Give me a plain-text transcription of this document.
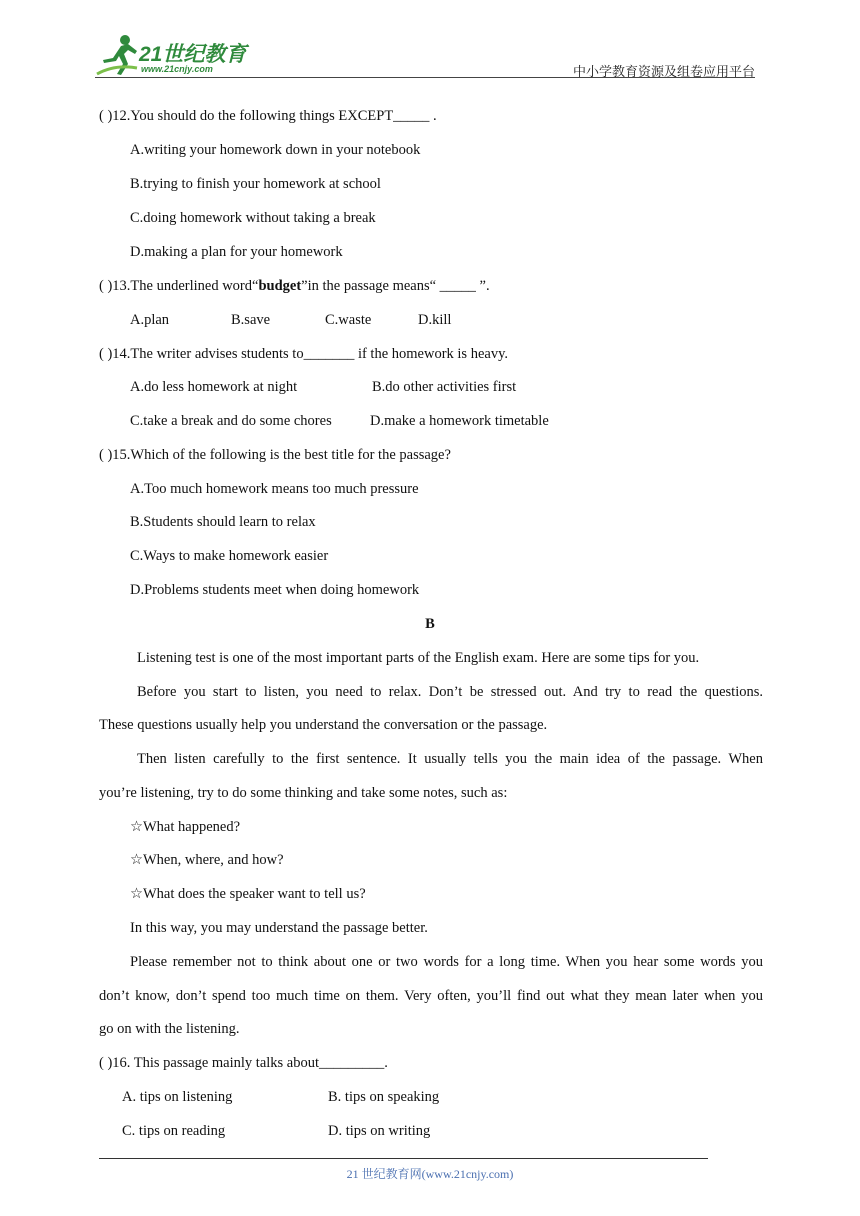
21世纪教育
www.21cnjy.com	中小学教育资源及组卷应用平台
( )12.You should do the following things EXCEPT_____ .
A.writing your homework down in your notebook
B.trying to finish your homework at school
C.doing homework without taking a break
D.making a plan for your homework
( )13.The underlined word“budget”in the passage means“ _____ ”.
A.plan	B.save	C.waste	D.kill
( )14.The writer advises students to_______ if the homework is heavy.
A.do less homework at night	B.do other activities first
C.take a break and do some chores	D.make a homework timetable
( )15.Which of the following is the best title for the passage?
A.Too much homework means too much pressure
B.Students should learn to relax
C.Ways to make homework easier
D.Problems students meet when doing homework
B
Listening test is one of the most important parts of the English exam. Here are some tips for you.
Before you start to listen, you need to relax. Don’t be stressed out. And try to read the questions.
These questions usually help you understand the conversation or the passage.
Then listen carefully to the first sentence. It usually tells you the main idea of the passage. When
you’re listening, try to do some thinking and take some notes, such as:
☆What happened?
☆When, where, and how?
☆What does the speaker want to tell us?
In this way, you may understand the passage better.
Please remember not to think about one or two words for a long time. When you hear some words you
don’t know, don’t spend too much time on them. Very often, you’ll find out what they mean later when you
go on with the listening.
( )16. This passage mainly talks about_________.
A. tips on listening	B. tips on speaking
C. tips on reading	D. tips on writing
21 世纪教育网(www.21cnjy.com)
